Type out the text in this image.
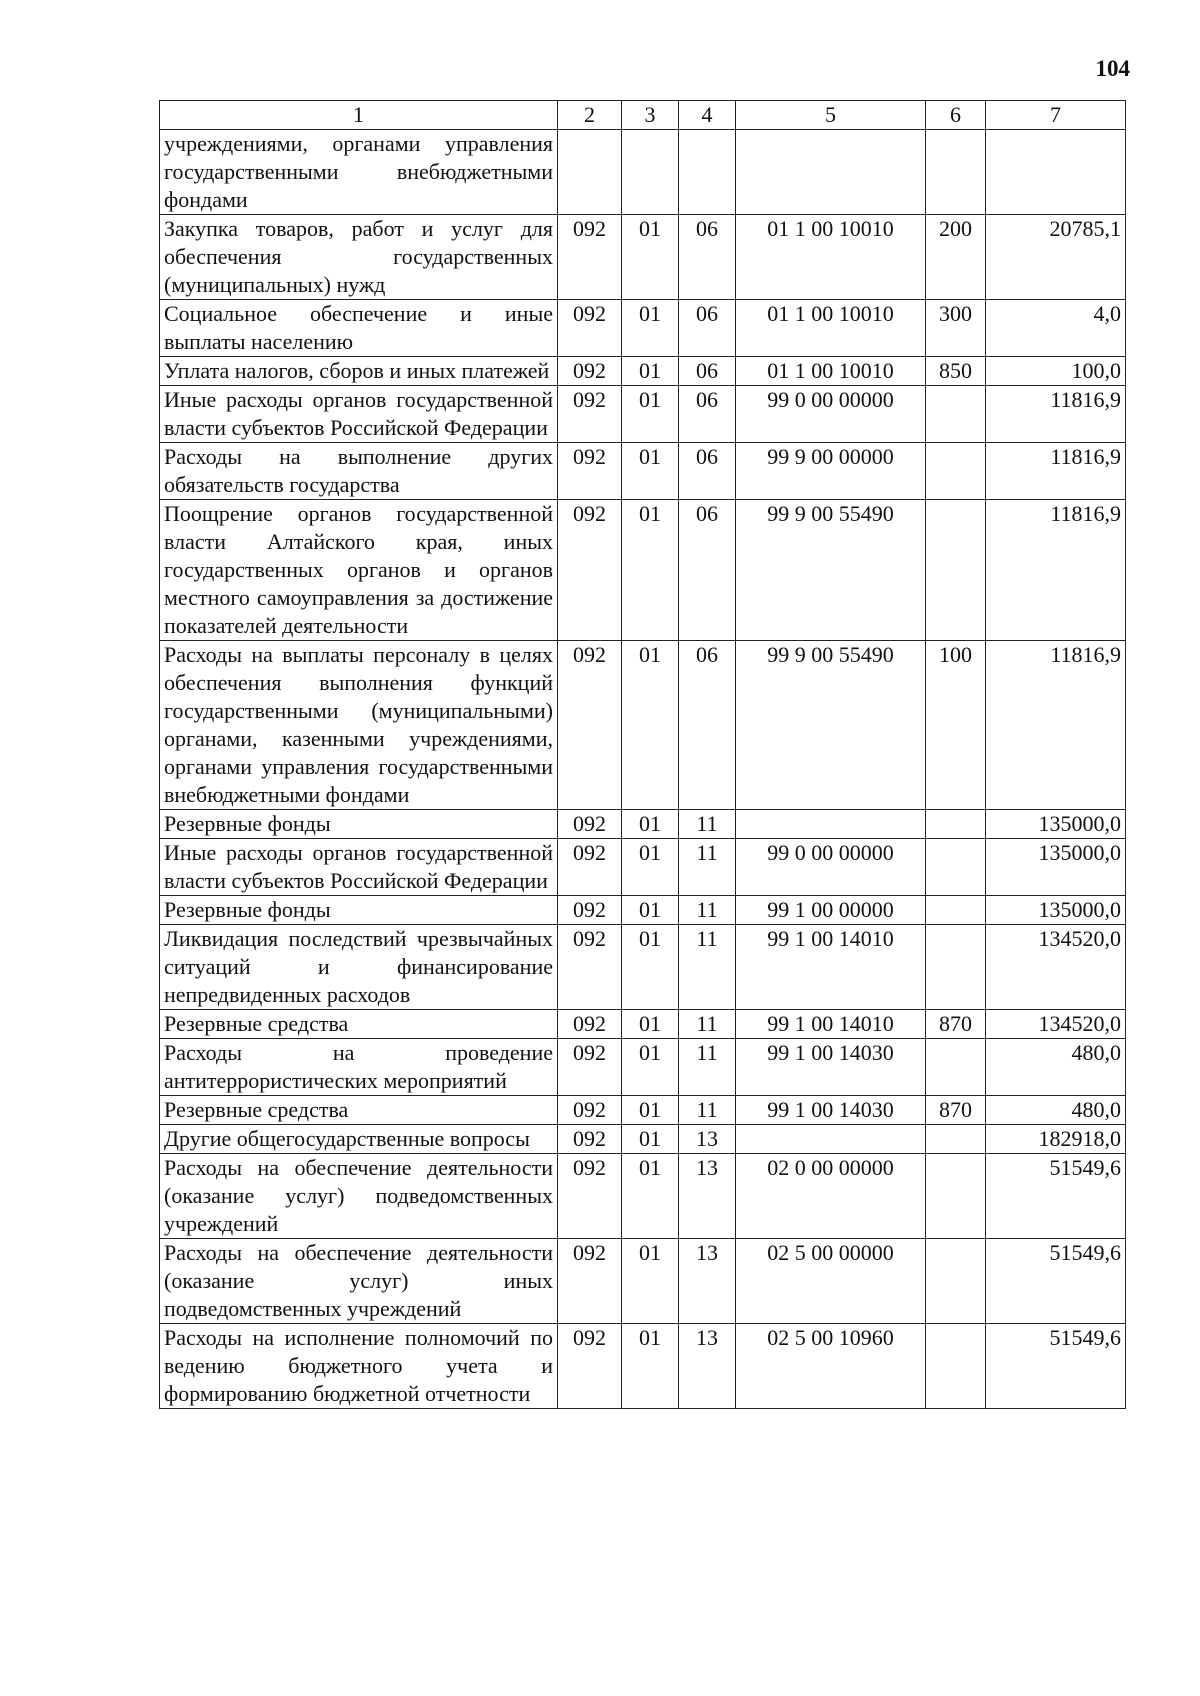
104
1	2	3	4	5	6	7
учреждениями, органами управления государственными внебюджетными фондами						
Закупка товаров, работ и услуг для обеспечения государственных (муниципальных) нужд	092	01	06	01 1 00 10010	200	20785,1
Социальное обеспечение и иные выплаты населению	092	01	06	01 1 00 10010	300	4,0
Уплата налогов, сборов и иных платежей	092	01	06	01 1 00 10010	850	100,0
Иные расходы органов государственной власти субъектов Российской Федерации	092	01	06	99 0 00 00000		11816,9
Расходы на выполнение других обязательств государства	092	01	06	99 9 00 00000		11816,9
Поощрение органов государственной власти Алтайского края, иных государственных органов и органов местного самоуправления за достижение показателей деятельности	092	01	06	99 9 00 55490		11816,9
Расходы на выплаты персоналу в целях обеспечения выполнения функций государственными (муниципальными) органами, казенными учреждениями, органами управления государственными внебюджетными фондами	092	01	06	99 9 00 55490	100	11816,9
Резервные фонды	092	01	11			135000,0
Иные расходы органов государственной власти субъектов Российской Федерации	092	01	11	99 0 00 00000		135000,0
Резервные фонды	092	01	11	99 1 00 00000		135000,0
Ликвидация последствий чрезвычайных ситуаций и финансирование непредвиденных расходов	092	01	11	99 1 00 14010		134520,0
Резервные средства	092	01	11	99 1 00 14010	870	134520,0
Расходы на проведение антитеррористических мероприятий	092	01	11	99 1 00 14030		480,0
Резервные средства	092	01	11	99 1 00 14030	870	480,0
Другие общегосударственные вопросы	092	01	13			182918,0
Расходы на обеспечение деятельности (оказание услуг) подведомственных учреждений	092	01	13	02 0 00 00000		51549,6
Расходы на обеспечение деятельности (оказание услуг) иных подведомственных учреждений	092	01	13	02 5 00 00000		51549,6
Расходы на исполнение полномочий по ведению бюджетного учета и формированию бюджетной отчетности	092	01	13	02 5 00 10960		51549,6
